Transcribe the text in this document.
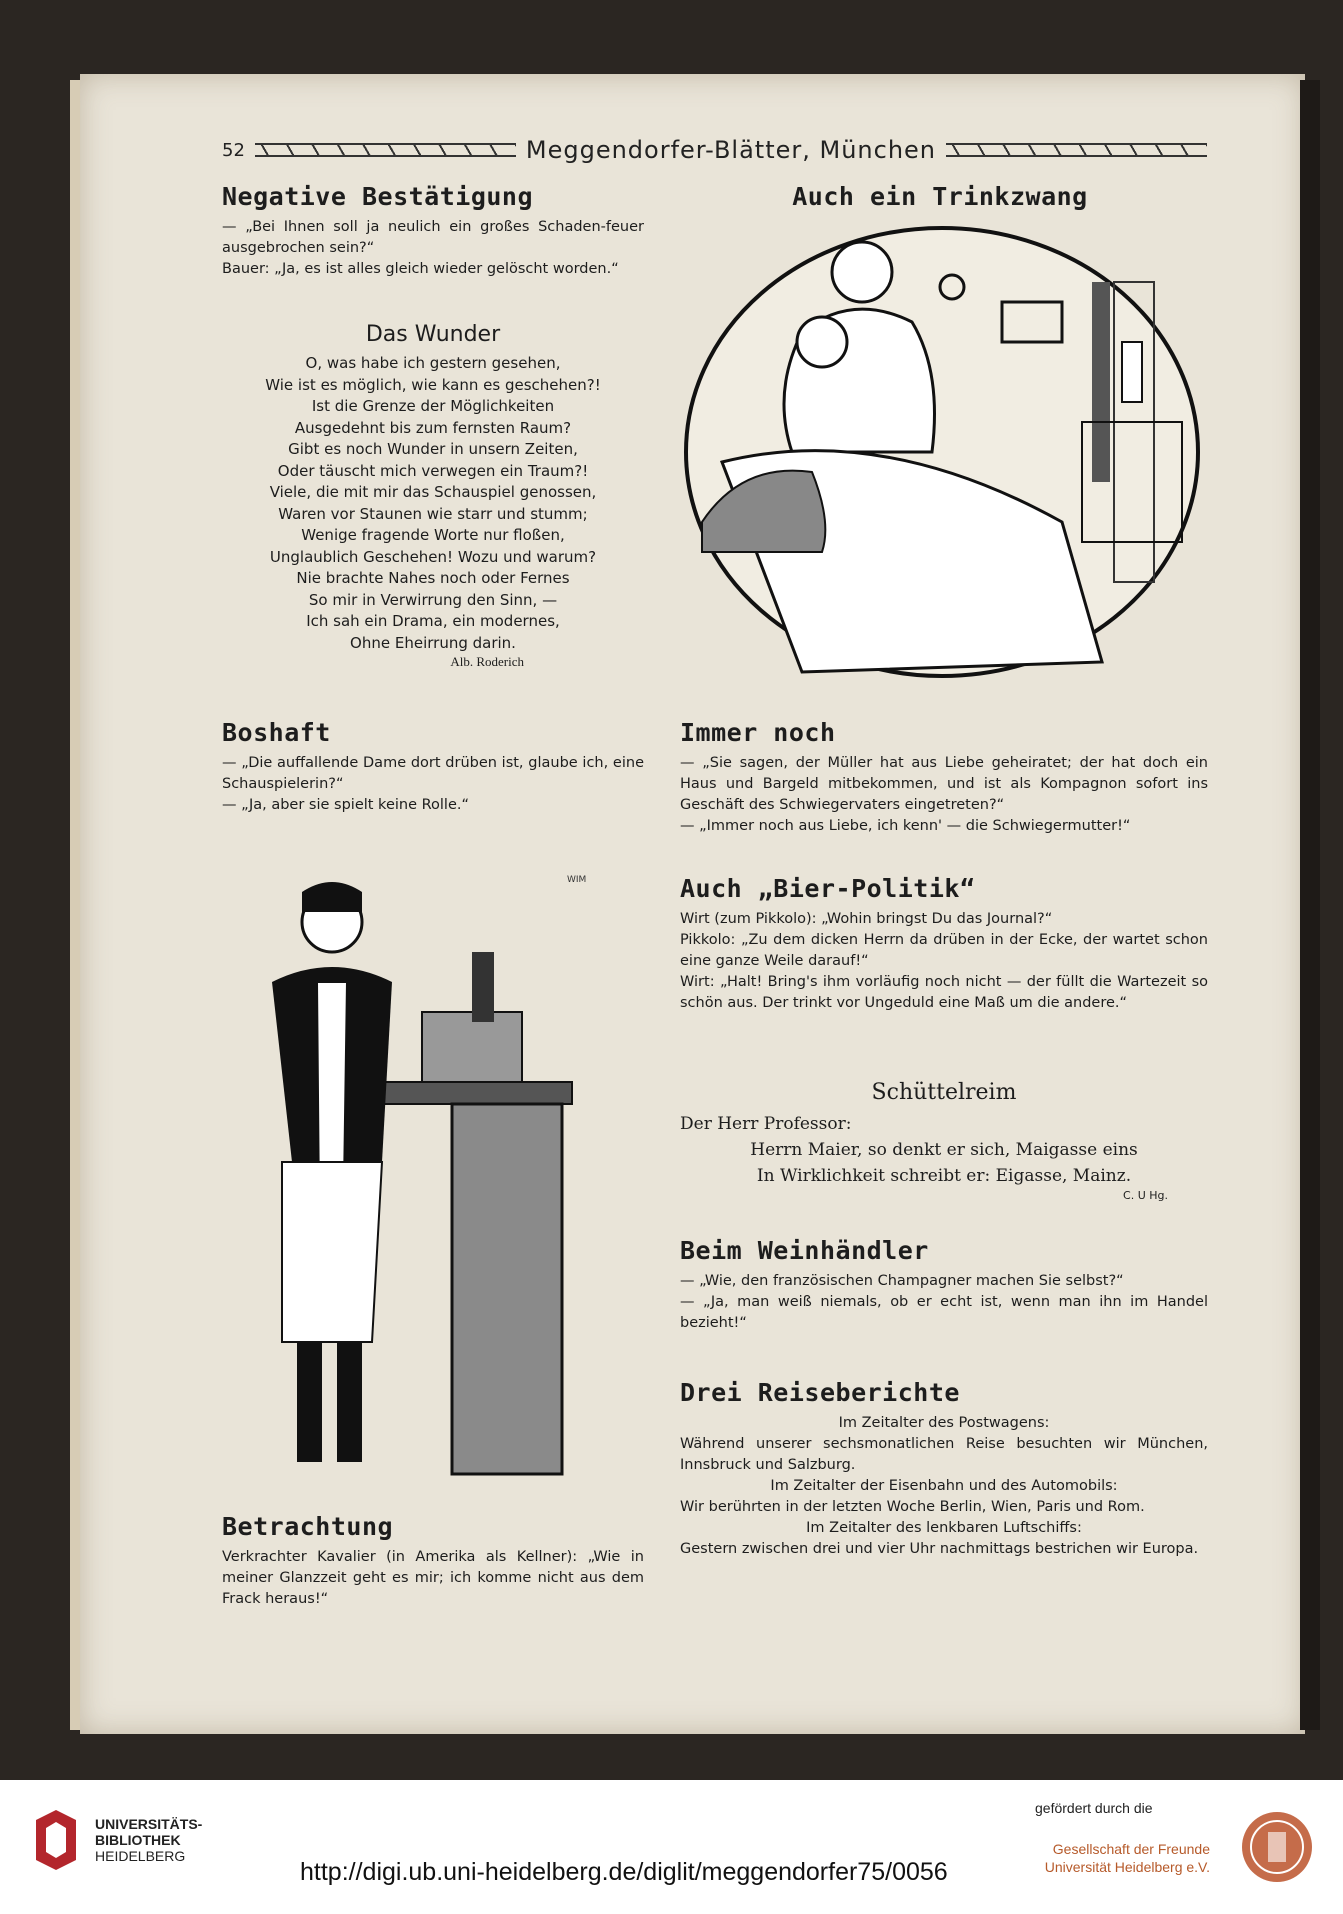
52	Meggendorfer-Blätter, München
Negative Bestätigung

— „Bei Ihnen soll ja neulich ein großes Schaden-feuer ausgebrochen sein?“

Bauer: „Ja, es ist alles gleich wieder gelöscht worden.“

Das Wunder
O, was habe ich gestern gesehen,
Wie ist es möglich, wie kann es geschehen?!
Ist die Grenze der Möglichkeiten
Ausgedehnt bis zum fernsten Raum?
Gibt es noch Wunder in unsern Zeiten,
Oder täuscht mich verwegen ein Traum?!
Viele, die mit mir das Schauspiel genossen,
Waren vor Staunen wie starr und stumm;
Wenige fragende Worte nur floßen,
Unglaublich Geschehen! Wozu und warum?
Nie brachte Nahes noch oder Fernes
So mir in Verwirrung den Sinn, —
Ich sah ein Drama, ein modernes,
Ohne Eheirrung darin.
Alb. Roderich
Auch ein Trinkzwang
Boshaft

— „Die auffallende Dame dort drüben ist, glaube ich, eine Schauspielerin?“

— „Ja, aber sie spielt keine Rolle.“

WIM
Betrachtung

Verkrachter Kavalier (in Amerika als Kellner): „Wie in meiner Glanzzeit geht es mir; ich komme nicht aus dem Frack heraus!“

Immer noch

— „Sie sagen, der Müller hat aus Liebe geheiratet; der hat doch ein Haus und Bargeld mitbekommen, und ist als Kompagnon sofort ins Geschäft des Schwiegervaters eingetreten?“

— „Immer noch aus Liebe, ich kenn' — die Schwiegermutter!“

Auch „Bier-Politik“

Wirt (zum Pikkolo): „Wohin bringst Du das Journal?“

Pikkolo: „Zu dem dicken Herrn da drüben in der Ecke, der wartet schon eine ganze Weile darauf!“

Wirt: „Halt! Bring's ihm vorläufig noch nicht — der füllt die Wartezeit so schön aus. Der trinkt vor Ungeduld eine Maß um die andere.“

Schüttelreim
Der Herr Professor:
Herrn Maier, so denkt er sich, Maigasse eins
In Wirklichkeit schreibt er: Eigasse, Mainz.
C. U Hg.
Beim Weinhändler

— „Wie, den französischen Champagner machen Sie selbst?“

— „Ja, man weiß niemals, ob er echt ist, wenn man ihn im Handel bezieht!“

Drei Reiseberichte

Im Zeitalter des Postwagens:

Während unserer sechsmonatlichen Reise besuchten wir München, Innsbruck und Salzburg.

Im Zeitalter der Eisenbahn und des Automobils:

Wir berührten in der letzten Woche Berlin, Wien, Paris und Rom.

Im Zeitalter des lenkbaren Luftschiffs:

Gestern zwischen drei und vier Uhr nachmittags bestrichen wir Europa.

UNIVERSITÄTS-
BIBLIOTHEK
HEIDELBERG
http://digi.ub.uni-heidelberg.de/diglit/meggendorfer75/0056
gefördert durch die
Gesellschaft der Freunde
Universität Heidelberg e.V.
